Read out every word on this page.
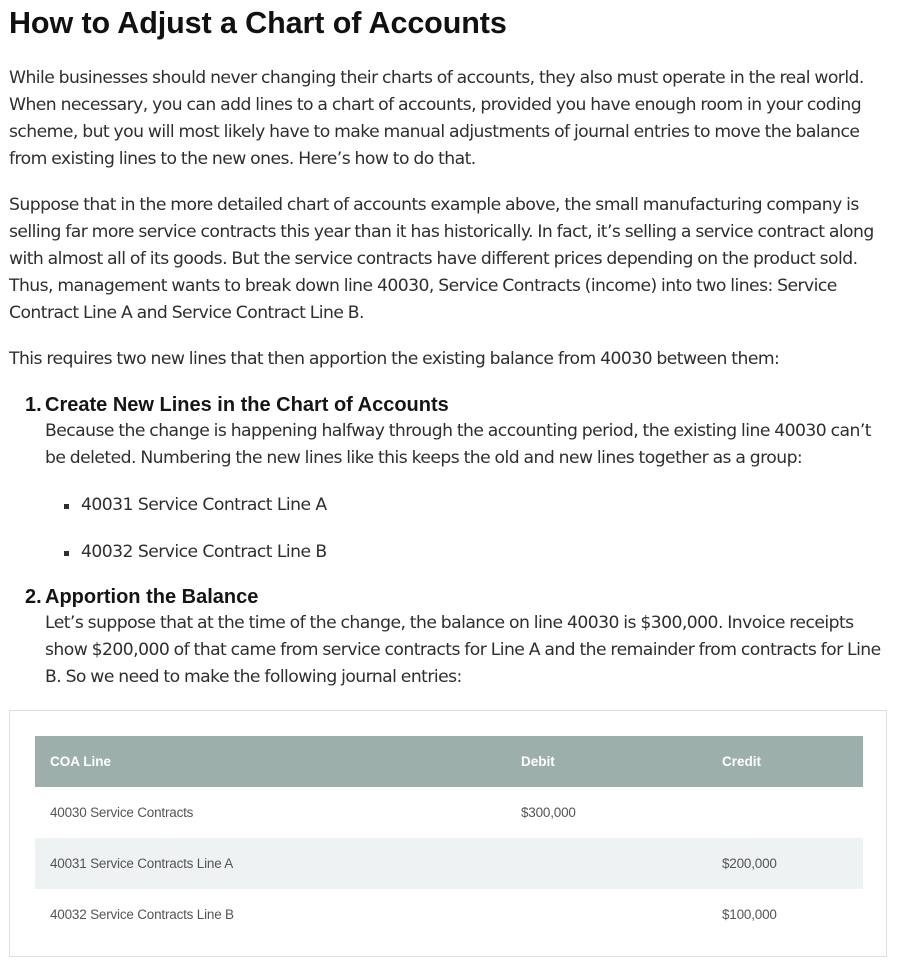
How to Adjust a Chart of Accounts

While businesses should never changing their charts of accounts, they also must operate in the real world. When necessary, you can add lines to a chart of accounts, provided you have enough room in your coding scheme, but you will most likely have to make manual adjustments of journal entries to move the balance from existing lines to the new ones. Here’s how to do that.

Suppose that in the more detailed chart of accounts example above, the small manufacturing company is selling far more service contracts this year than it has historically. In fact, it’s selling a service contract along with almost all of its goods. But the service contracts have different prices depending on the product sold. Thus, management wants to break down line 40030, Service Contracts (income) into two lines: Service Contract Line A and Service Contract Line B.

This requires two new lines that then apportion the existing balance from 40030 between them:

1. Create New Lines in the Chart of Accounts

Because the change is happening halfway through the accounting period, the existing line 40030 can’t be deleted. Numbering the new lines like this keeps the old and new lines together as a group:

40031 Service Contract Line A
40032 Service Contract Line B
2. Apportion the Balance

Let’s suppose that at the time of the change, the balance on line 40030 is $300,000. Invoice receipts show $200,000 of that came from service contracts for Line A and the remainder from contracts for Line B. So we need to make the following journal entries:

COA Line	Debit	Credit
40030 Service Contracts	$300,000	
40031 Service Contracts Line A		$200,000
40032 Service Contracts Line B		$100,000
